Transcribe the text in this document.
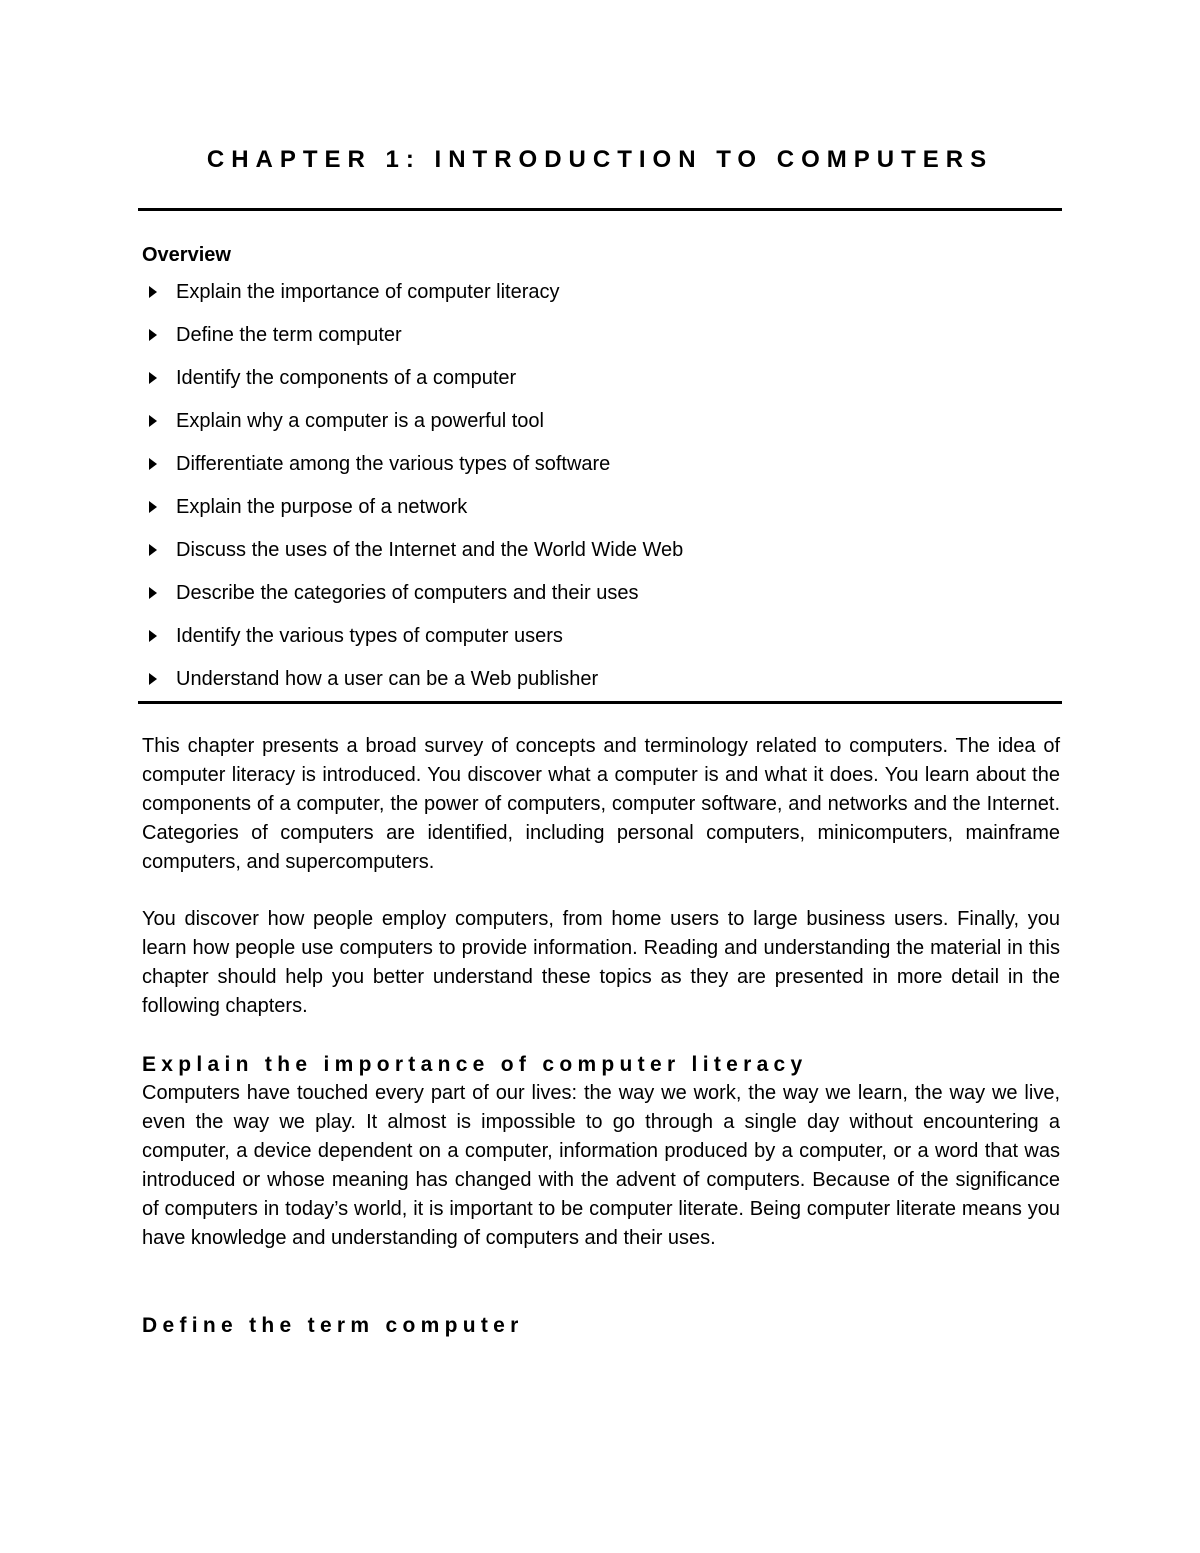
CHAPTER 1: INTRODUCTION TO COMPUTERS
Overview
Explain the importance of computer literacy
Define the term computer
Identify the components of a computer
Explain why a computer is a powerful tool
Differentiate among the various types of software
Explain the purpose of a network
Discuss the uses of the Internet and the World Wide Web
Describe the categories of computers and their uses
Identify the various types of computer users
Understand how a user can be a Web publisher

This chapter presents a broad survey of concepts and terminology related to computers. The idea of computer literacy is introduced. You discover what a computer is and what it does. You learn about the components of a computer, the power of computers, computer software, and networks and the Internet. Categories of computers are identified, including personal computers, minicomputers, mainframe computers, and supercomputers.

You discover how people employ computers, from home users to large business users. Finally, you learn how people use computers to provide information. Reading and understanding the material in this chapter should help you better understand these topics as they are presented in more detail in the following chapters.

Explain the importance of computer literacy

Computers have touched every part of our lives: the way we work, the way we learn, the way we live, even the way we play. It almost is impossible to go through a single day without encountering a computer, a device dependent on a computer, information produced by a computer, or a word that was introduced or whose meaning has changed with the advent of computers. Because of the significance of computers in today’s world, it is important to be computer literate. Being computer literate means you have knowledge and understanding of computers and their uses.

Define the term computer
